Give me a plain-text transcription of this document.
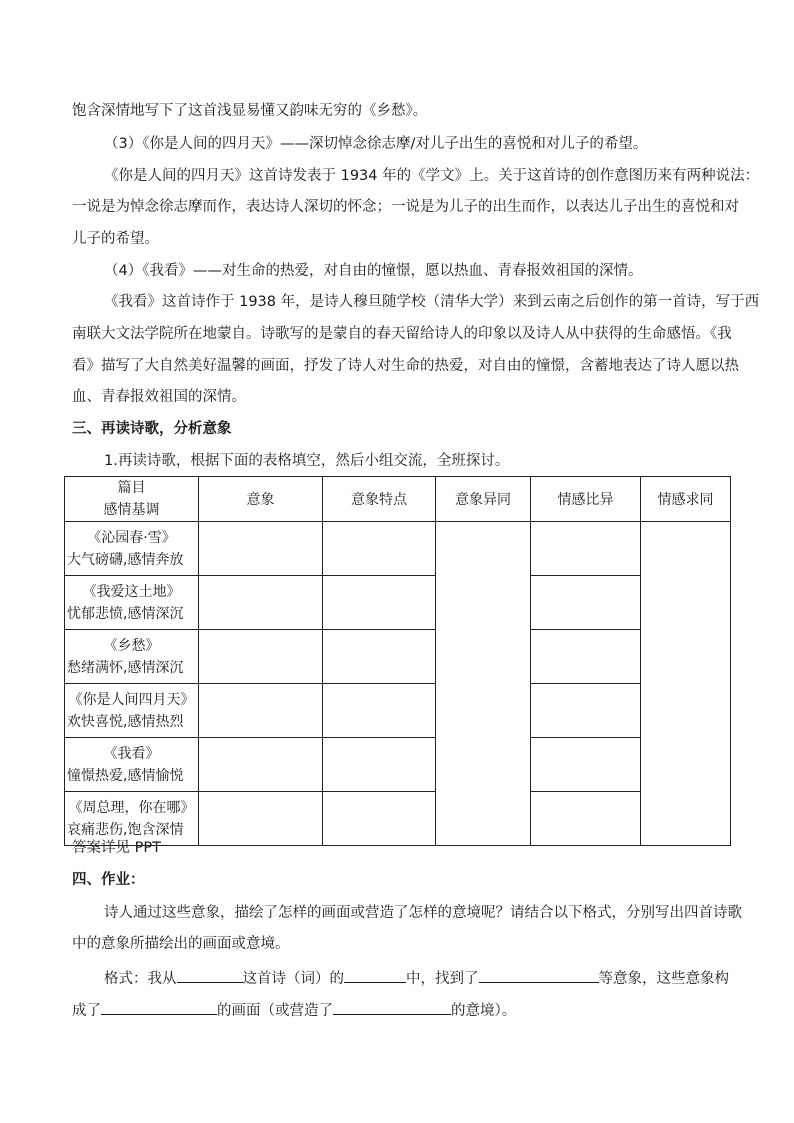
饱含深情地写下了这首浅显易懂又韵味无穷的《乡愁》。
（3）《你是人间的四月天》——深切悼念徐志摩/对儿子出生的喜悦和对儿子的希望。
《你是人间的四月天》这首诗发表于 1934 年的《学文》上。关于这首诗的创作意图历来有两种说法：
一说是为悼念徐志摩而作，表达诗人深切的怀念；一说是为儿子的出生而作，以表达儿子出生的喜悦和对
儿子的希望。
（4）《我看》——对生命的热爱，对自由的憧憬，愿以热血、青春报效祖国的深情。
《我看》这首诗作于 1938 年，是诗人穆旦随学校（清华大学）来到云南之后创作的第一首诗，写于西
南联大文法学院所在地蒙自。诗歌写的是蒙自的春天留给诗人的印象以及诗人从中获得的生命感悟。《我
看》描写了大自然美好温馨的画面，抒发了诗人对生命的热爱，对自由的憧憬，含蓄地表达了诗人愿以热
血、青春报效祖国的深情。
三、再读诗歌，分析意象
1.再读诗歌，根据下面的表格填空，然后小组交流，全班探讨。
篇目
感情基调	意象	意象特点	意象异同	情感比异	情感求同

《沁园春·雪》
大气磅礴,感情奔放					

《我爱这土地》
忧郁悲愤,感情深沉					

《乡愁》
愁绪满怀,感情深沉					

《你是人间四月天》
欢快喜悦,感情热烈					

《我看》
憧憬热爱,感情愉悦					

《周总理，你在哪》
哀痛悲伤,饱含深情					

答案详见 PPT
四、作业：
诗人通过这些意象，描绘了怎样的画面或营造了怎样的意境呢？请结合以下格式，分别写出四首诗歌
中的意象所描绘出的画面或意境。
格式：我从	这首诗（词）的	中，找到了	等意象，这些意象构
成了	的画面（或营造了	的意境）。
